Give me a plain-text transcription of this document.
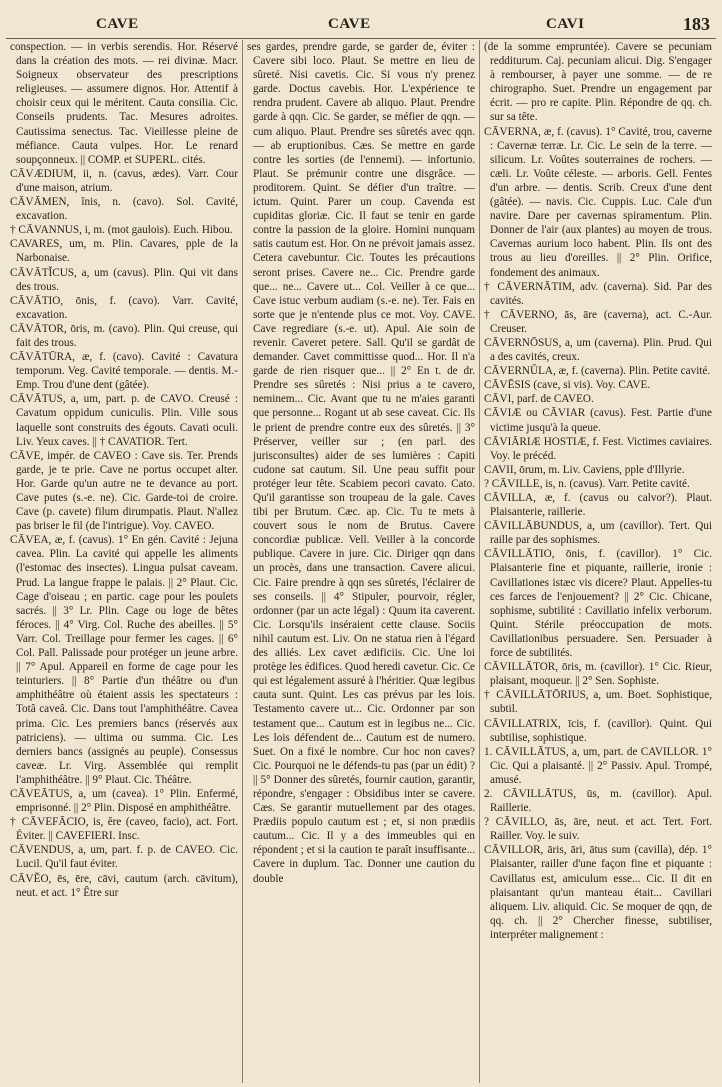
CAVE	CAVE	CAVI	183

conspection. — in verbis serendis. Hor. Réservé dans la création des mots. — rei divinæ. Macr. Soigneux observateur des prescriptions religieuses. — assumere dignos. Hor. Attentif à choisir ceux qui le méritent. Cauta consilia. Cic. Conseils prudents. Tac. Mesures adroites. Cautissima senectus. Tac. Vieillesse pleine de méfiance. Cauta vulpes. Hor. Le renard soupçonneux. || COMP. et SUPERL. cités.

CĀVÆDIUM, ii, n. (cavus, ædes). Varr. Cour d'une maison, atrium.

CĀVĀMEN, ĭnis, n. (cavo). Sol. Cavité, excavation.

† CĀVANNUS, i, m. (mot gaulois). Euch. Hibou.

CAVARES, um, m. Plin. Cavares, pple de la Narbonaise.

CĀVĀTĬCUS, a, um (cavus). Plin. Qui vit dans des trous.

CĀVĀTIO, ōnis, f. (cavo). Varr. Cavité, excavation.

CĀVĀTOR, ōris, m. (cavo). Plin. Qui creuse, qui fait des trous.

CĀVĀTŪRA, æ, f. (cavo). Cavité : Cavatura temporum. Veg. Cavité temporale. — dentis. M.-Emp. Trou d'une dent (gâtée).

CĀVĀTUS, a, um, part. p. de CAVO. Creusé : Cavatum oppidum cuniculis. Plin. Ville sous laquelle sont construits des égouts. Cavati oculi. Liv. Yeux caves. || † CAVATIOR. Tert.

CĀVE, impér. de CAVEO : Cave sis. Ter. Prends garde, je te prie. Cave ne portus occupet alter. Hor. Garde qu'un autre ne te devance au port. Cave putes (s.-e. ne). Cic. Garde-toi de croire. Cave (p. cavete) filum dirumpatis. Plaut. N'allez pas briser le fil (de l'intrigue). Voy. CAVEO.

CĀVEA, æ, f. (cavus). 1° En gén. Cavité : Jejuna cavea. Plin. La cavité qui appelle les aliments (l'estomac des insectes). Lingua pulsat caveam. Prud. La langue frappe le palais. || 2° Plaut. Cic. Cage d'oiseau ; en partic. cage pour les poulets sacrés. || 3° Lr. Plin. Cage ou loge de bêtes féroces. || 4° Virg. Col. Ruche des abeilles. || 5° Varr. Col. Treillage pour fermer les cages. || 6° Col. Pall. Palissade pour protéger un jeune arbre. || 7° Apul. Appareil en forme de cage pour les teinturiers. || 8° Partie d'un théâtre ou d'un amphithéâtre où étaient assis les spectateurs : Totâ caveâ. Cic. Dans tout l'amphithéâtre. Cavea prima. Cic. Les premiers bancs (réservés aux patriciens). — ultima ou summa. Cic. Les derniers bancs (assignés au peuple). Consessus caveæ. Lr. Virg. Assemblée qui remplit l'amphithéâtre. || 9° Plaut. Cic. Théâtre.

CĀVEĀTUS, a, um (cavea). 1° Plin. Enfermé, emprisonné. || 2° Plin. Disposé en amphithéâtre.

† CĀVEFĀCIO, is, ĕre (caveo, facio), act. Fort. Éviter. || CAVEFIERI. Insc.

CĀVENDUS, a, um, part. f. p. de CAVEO. Cic. Lucil. Qu'il faut éviter.

CĀVĔO, ēs, ēre, cāvi, cautum (arch. cāvitum), neut. et act. 1° Être sur

ses gardes, prendre garde, se garder de, éviter : Cavere sibi loco. Plaut. Se mettre en lieu de sûreté. Nisi cavetis. Cic. Si vous n'y prenez garde. Doctus cavebis. Hor. L'expérience te rendra prudent. Cavere ab aliquo. Plaut. Prendre garde à qqn. Cic. Se garder, se méfier de qqn. — cum aliquo. Plaut. Prendre ses sûretés avec qqn. — ab eruptionibus. Cæs. Se mettre en garde contre les sorties (de l'ennemi). — infortunio. Plaut. Se prémunir contre une disgrâce. — proditorem. Quint. Se défier d'un traître. — ictum. Quint. Parer un coup. Cavenda est cupiditas gloriæ. Cic. Il faut se tenir en garde contre la passion de la gloire. Homini nunquam satis cautum est. Hor. On ne prévoit jamais assez. Cetera cavebuntur. Cic. Toutes les précautions seront prises. Cavere ne... Cic. Prendre garde que... ne... Cavere ut... Col. Veiller à ce que... Cave istuc verbum audiam (s.-e. ne). Ter. Fais en sorte que je n'entende plus ce mot. Voy. CAVE. Cave regrediare (s.-e. ut). Apul. Aie soin de revenir. Caveret petere. Sall. Qu'il se gardât de demander. Cavet committisse quod... Hor. Il n'a garde de rien risquer que... || 2° En t. de dr. Prendre ses sûretés : Nisi prius a te cavero, neminem... Cic. Avant que tu ne m'aies garanti que personne... Rogant ut ab sese caveat. Cic. Ils le prient de prendre contre eux des sûretés. || 3° Préserver, veiller sur ; (en parl. des jurisconsultes) aider de ses lumières : Capiti cudone sat cautum. Sil. Une peau suffit pour protéger leur tête. Scabiem pecori cavato. Cato. Qu'il garantisse son troupeau de la gale. Caves tibi per Brutum. Cæc. ap. Cic. Tu te mets à couvert sous le nom de Brutus. Cavere concordiæ publicæ. Vell. Veiller à la concorde publique. Cavere in jure. Cic. Diriger qqn dans un procès, dans une transaction. Cavere alicui. Cic. Faire prendre à qqn ses sûretés, l'éclairer de ses conseils. || 4° Stipuler, pourvoir, régler, ordonner (par un acte légal) : Quum ita caverent. Cic. Lorsqu'ils inséraient cette clause. Sociis nihil cautum est. Liv. On ne statua rien à l'égard des alliés. Lex cavet ædificiis. Cic. Une loi protège les édifices. Quod heredi cavetur. Cic. Ce qui est légalement assuré à l'héritier. Quæ legibus cauta sunt. Quint. Les cas prévus par les lois. Testamento cavere ut... Cic. Ordonner par son testament que... Cautum est in legibus ne... Cic. Les lois défendent de... Cautum est de numero. Suet. On a fixé le nombre. Cur hoc non caves? Cic. Pourquoi ne le défends-tu pas (par un édit) ? || 5° Donner des sûretés, fournir caution, garantir, répondre, s'engager : Obsidibus inter se cavere. Cæs. Se garantir mutuellement par des otages. Prædiis populo cautum est ; et, si non prædiis cautum... Cic. Il y a des immeubles qui en répondent ; et si la caution te paraît insuffisante... Cavere in duplum. Tac. Donner une caution du double

(de la somme empruntée). Cavere se pecuniam redditurum. Caj. pecuniam alicui. Dig. S'engager à rembourser, à payer une somme. — de re chirographo. Suet. Prendre un engagement par écrit. — pro re capite. Plin. Répondre de qq. ch. sur sa tête.

CĀVERNA, æ, f. (cavus). 1° Cavité, trou, caverne : Cavernæ terræ. Lr. Cic. Le sein de la terre. — silicum. Lr. Voûtes souterraines de rochers. — cæli. Lr. Voûte céleste. — arboris. Gell. Fentes d'un arbre. — dentis. Scrib. Creux d'une dent (gâtée). — navis. Cic. Cuppis. Luc. Cale d'un navire. Dare per cavernas spiramentum. Plin. Donner de l'air (aux plantes) au moyen de trous. Cavernas aurium loco habent. Plin. Ils ont des trous au lieu d'oreilles. || 2° Plin. Orifice, fondement des animaux.

† CĀVERNĀTIM, adv. (caverna). Sid. Par des cavités.

† CĀVERNO, ās, āre (caverna), act. C.-Aur. Creuser.

CĀVERNŌSUS, a, um (caverna). Plin. Prud. Qui a des cavités, creux.

CĀVERNŬLA, æ, f. (caverna). Plin. Petite cavité.

CĀVĒSIS (cave, si vis). Voy. CAVE.

CĀVI, parf. de CAVEO.

CĀVIÆ ou CĀVIAR (cavus). Fest. Partie d'une victime jusqu'à la queue.

CĀVIĀRIÆ HOSTIÆ, f. Fest. Victimes caviaires. Voy. le précéd.

CAVII, ōrum, m. Liv. Caviens, pple d'Illyrie.

? CĀVILLE, is, n. (cavus). Varr. Petite cavité.

CĀVILLA, æ, f. (cavus ou calvor?). Plaut. Plaisanterie, raillerie.

CĀVILLĀBUNDUS, a, um (cavillor). Tert. Qui raille par des sophismes.

CĀVILLĀTIO, ōnis, f. (cavillor). 1° Cic. Plaisanterie fine et piquante, raillerie, ironie : Cavillationes istæc vis dicere? Plaut. Appelles-tu ces farces de l'enjouement? || 2° Cic. Chicane, sophisme, subtilité : Cavillatio infelix verborum. Quint. Stérile préoccupation de mots. Cavillationibus persuadere. Sen. Persuader à force de subtilités.

CĀVILLĀTOR, ōris, m. (cavillor). 1° Cic. Rieur, plaisant, moqueur. || 2° Sen. Sophiste.

† CĀVILLĀTŌRIUS, a, um. Boet. Sophistique, subtil.

CĀVILLATRIX, īcis, f. (cavillor). Quint. Qui subtilise, sophistique.

1. CĀVILLĀTUS, a, um, part. de CAVILLOR. 1° Cic. Qui a plaisanté. || 2° Passiv. Apul. Trompé, amusé.

2. CĀVILLĀTUS, ūs, m. (cavillor). Apul. Raillerie.

? CĀVILLO, ās, āre, neut. et act. Tert. Fort. Railler. Voy. le suiv.

CĀVILLOR, āris, āri, ātus sum (cavilla), dép. 1° Plaisanter, railler d'une façon fine et piquante : Cavillatus est, amiculum esse... Cic. Il dit en plaisantant qu'un manteau était... Cavillari aliquem. Liv. aliquid. Cic. Se moquer de qqn, de qq. ch. || 2° Chercher finesse, subtiliser, interpréter malignement :
